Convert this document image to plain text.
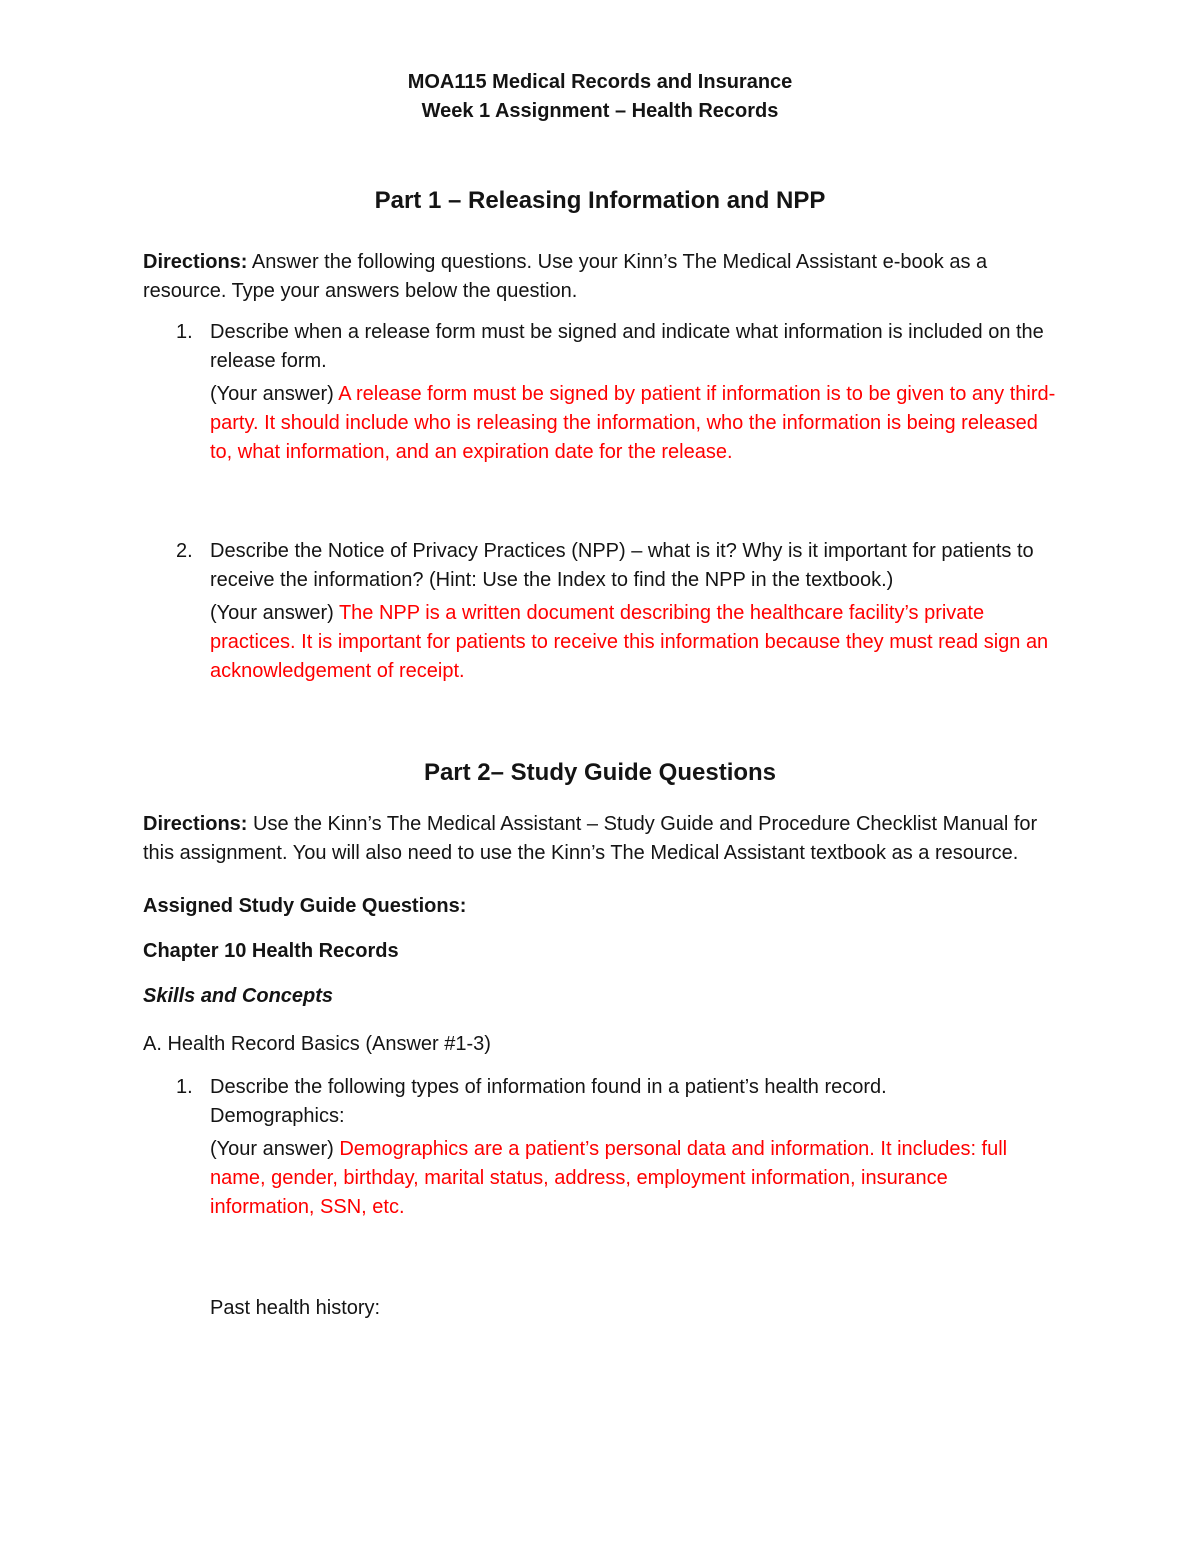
MOA115 Medical Records and Insurance
Week 1 Assignment – Health Records
Part 1 – Releasing Information and NPP

Directions: Answer the following questions. Use your Kinn’s The Medical Assistant e-book as a resource. Type your answers below the question.

1. Describe when a release form must be signed and indicate what information is included on the release form.

(Your answer) A release form must be signed by patient if information is to be given to any third-party. It should include who is releasing the information, who the information is being released to, what information, and an expiration date for the release.

2. Describe the Notice of Privacy Practices (NPP) – what is it? Why is it important for patients to receive the information? (Hint: Use the Index to find the NPP in the textbook.)

(Your answer) The NPP is a written document describing the healthcare facility’s private practices. It is important for patients to receive this information because they must read sign an acknowledgement of receipt.

Part 2– Study Guide Questions

Directions: Use the Kinn’s The Medical Assistant – Study Guide and Procedure Checklist Manual for this assignment. You will also need to use the Kinn’s The Medical Assistant textbook as a resource.

Assigned Study Guide Questions:

Chapter 10 Health Records

Skills and Concepts

A. Health Record Basics (Answer #1-3)

1. Describe the following types of information found in a patient’s health record.

Demographics:

(Your answer) Demographics are a patient’s personal data and information. It includes: full name, gender, birthday, marital status, address, employment information, insurance information, SSN, etc.

Past health history:
